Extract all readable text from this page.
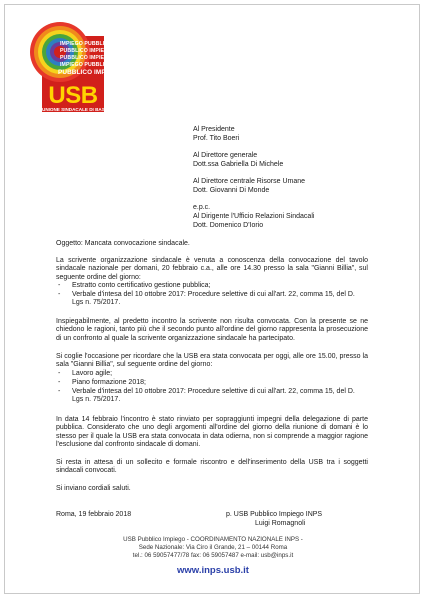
IMPIEGO PUBBLICO
PUBBLICO IMPIEGO
PUBBLICO IMPIEGO
IMPIEGO PUBBLICO
PUBBLICO IMPIEGO
USB
UNIONE SINDACALE DI BASE
Al Presidente
Prof. Tito Boeri
Al Direttore generale
Dott.ssa Gabriella Di Michele
Al Direttore centrale Risorse Umane
Dott. Giovanni Di Monde
e.p.c.
Al Dirigente l'Ufficio Relazioni Sindacali
Dott. Domenico D'Iorio
Oggetto: Mancata convocazione sindacale.
La scrivente organizzazione sindacale è venuta a conoscenza della convocazione del tavolo sindacale nazionale per domani, 20 febbraio c.a., alle ore 14.30 presso la sala "Gianni Billia", sul seguente ordine del giorno:
- Estratto conto certificativo gestione pubblica;
- Verbale d'intesa del 10 ottobre 2017: Procedure selettive di cui all'art. 22, comma 15, del D. Lgs n. 75/2017.
Inspiegabilmente, al predetto incontro la scrivente non risulta convocata. Con la presente se ne chiedono le ragioni, tanto più che il secondo punto all'ordine del giorno rappresenta la prosecuzione di un confronto al quale la scrivente organizzazione sindacale ha partecipato.
Si coglie l'occasione per ricordare che la USB era stata convocata per oggi, alle ore 15.00, presso la sala "Gianni Billia", sul seguente ordine del giorno:
- Lavoro agile;
- Piano formazione 2018;
- Verbale d'intesa del 10 ottobre 2017: Procedure selettive di cui all'art. 22, comma 15, del D. Lgs n. 75/2017.
In data 14 febbraio l'incontro è stato rinviato per sopraggiunti impegni della delegazione di parte pubblica. Considerato che uno degli argomenti all'ordine del giorno della riunione di domani è lo stesso per il quale la USB era stata convocata in data odierna, non si comprende a maggior ragione l'esclusione dal confronto sindacale di domani.
Si resta in attesa di un sollecito e formale riscontro e dell'inserimento della USB tra i soggetti sindacali convocati.
Si inviano cordiali saluti.
Roma, 19 febbraio 2018	p. USB Pubblico Impiego INPS
Luigi Romagnoli
USB Pubblico Impiego - COORDINAMENTO NAZIONALE INPS -
Sede Nazionale: Via Ciro il Grande, 21 – 00144 Roma
tel.: 06 59057477/78 fax: 06 59057487 e-mail: usb@inps.it
www.inps.usb.it
